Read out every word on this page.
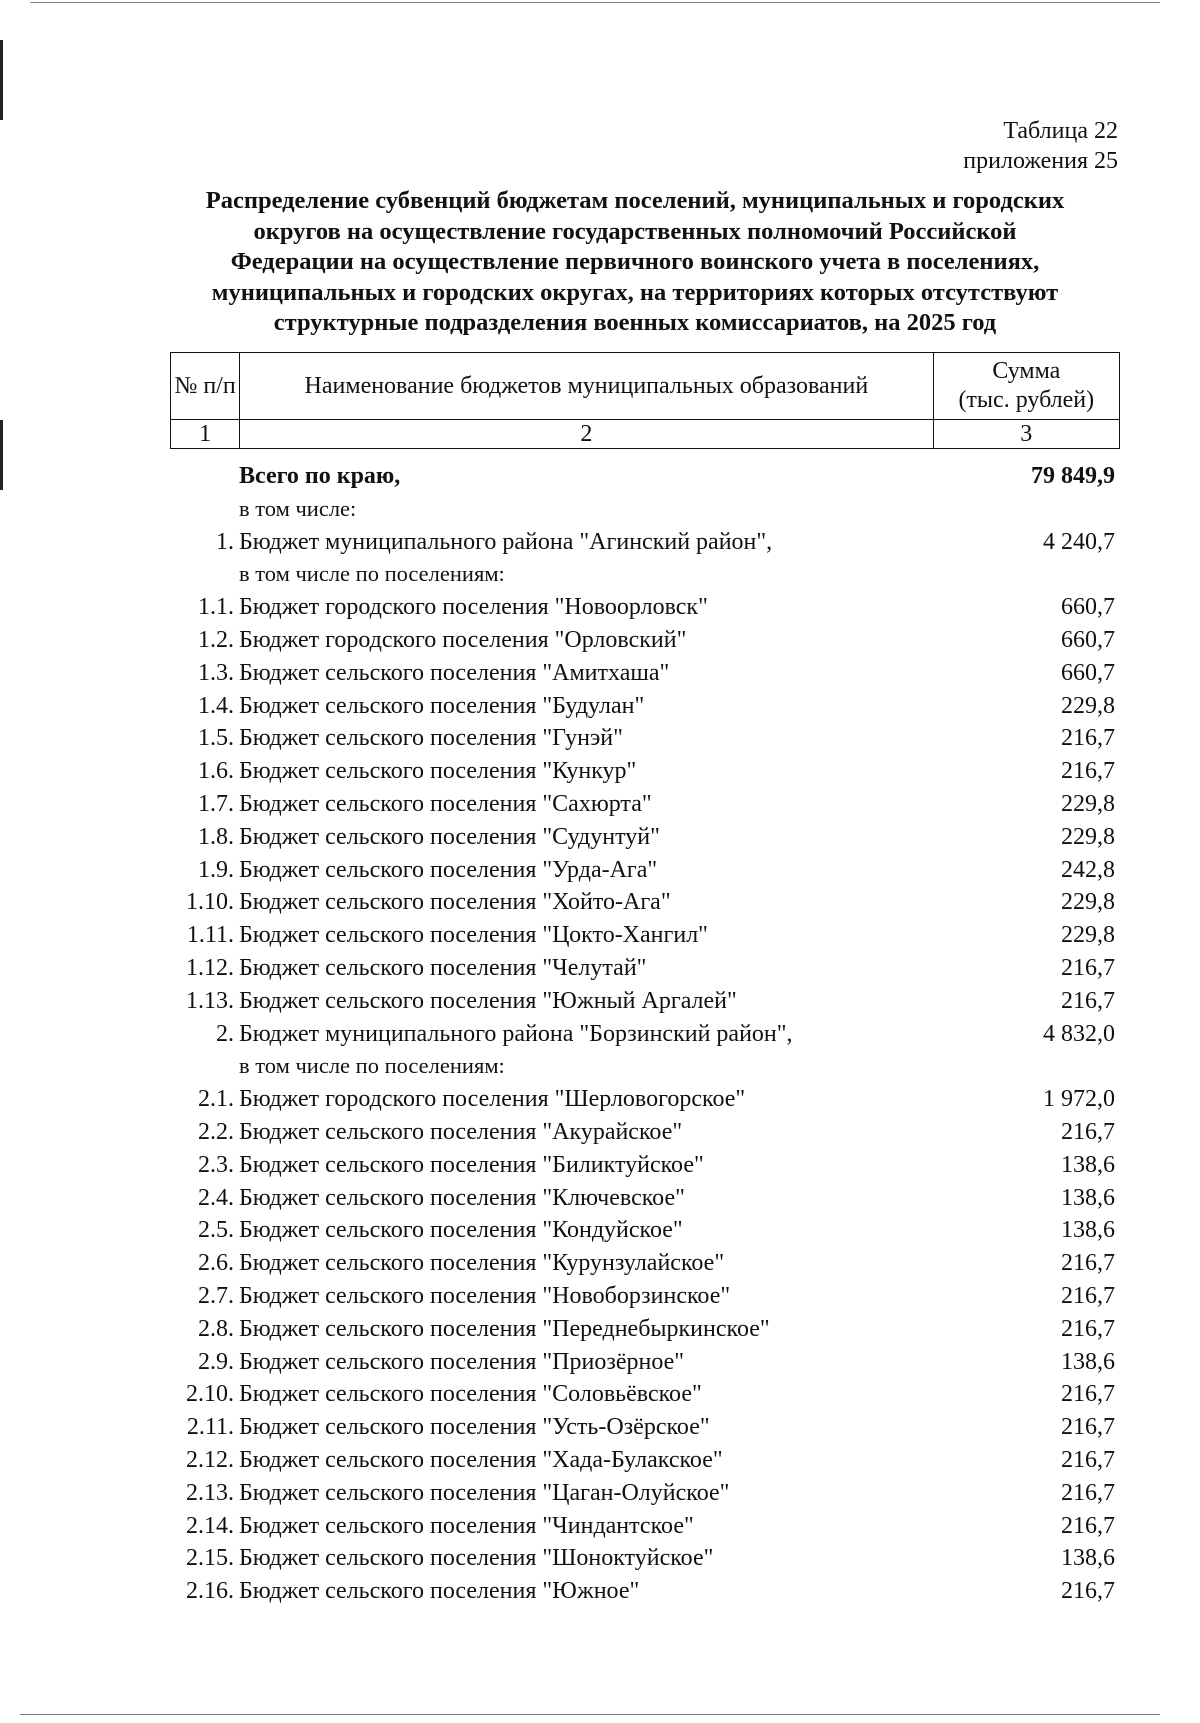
Таблица 22
приложения 25
Распределение субвенций бюджетам поселений, муниципальных и городских
округов на осуществление государственных полномочий Российской
Федерации на осуществление первичного воинского учета в поселениях,
муниципальных и городских округах, на территориях которых отсутствуют
структурные подразделения военных комиссариатов, на 2025 год
№ п/п	Наименование бюджетов муниципальных образований	Сумма
(тыс. рублей)

1	2	3
Всего по краю,	79 849,9
в том числе:
1. Бюджет муниципального района "Агинский район",	4 240,7
в том числе по поселениям:
1.1. Бюджет городского поселения "Новоорловск"	660,7
1.2. Бюджет городского поселения "Орловский"	660,7
1.3. Бюджет сельского поселения "Амитхаша"	660,7
1.4. Бюджет сельского поселения "Будулан"	229,8
1.5. Бюджет сельского поселения "Гунэй"	216,7
1.6. Бюджет сельского поселения "Кункур"	216,7
1.7. Бюджет сельского поселения "Сахюрта"	229,8
1.8. Бюджет сельского поселения "Судунтуй"	229,8
1.9. Бюджет сельского поселения "Урда-Ага"	242,8
1.10. Бюджет сельского поселения "Хойто-Ага"	229,8
1.11. Бюджет сельского поселения "Цокто-Хангил"	229,8
1.12. Бюджет сельского поселения "Челутай"	216,7
1.13. Бюджет сельского поселения "Южный Аргалей"	216,7
2. Бюджет муниципального района "Борзинский район",	4 832,0
в том числе по поселениям:
2.1. Бюджет городского поселения "Шерловогорское"	1 972,0
2.2. Бюджет сельского поселения "Акурайское"	216,7
2.3. Бюджет сельского поселения "Биликтуйское"	138,6
2.4. Бюджет сельского поселения "Ключевское"	138,6
2.5. Бюджет сельского поселения "Кондуйское"	138,6
2.6. Бюджет сельского поселения "Курунзулайское"	216,7
2.7. Бюджет сельского поселения "Новоборзинское"	216,7
2.8. Бюджет сельского поселения "Переднебыркинское"	216,7
2.9. Бюджет сельского поселения "Приозёрное"	138,6
2.10. Бюджет сельского поселения "Соловьёвское"	216,7
2.11. Бюджет сельского поселения "Усть-Озёрское"	216,7
2.12. Бюджет сельского поселения "Хада-Булакское"	216,7
2.13. Бюджет сельского поселения "Цаган-Олуйское"	216,7
2.14. Бюджет сельского поселения "Чиндантское"	216,7
2.15. Бюджет сельского поселения "Шоноктуйское"	138,6
2.16. Бюджет сельского поселения "Южное"	216,7
